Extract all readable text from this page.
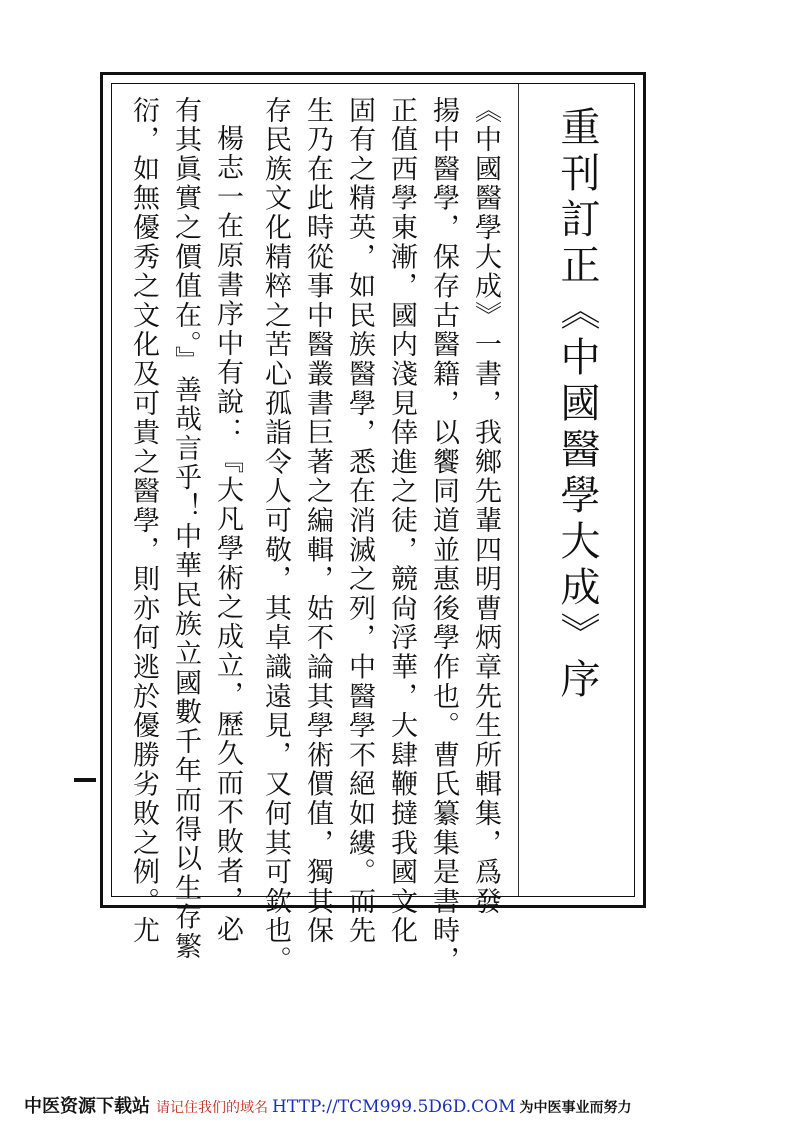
重刊訂正《中國醫學大成》序
《中國醫學大成》一書，我鄉先輩四明曹炳章先生所輯集，爲發
揚中醫學，保存古醫籍，以饗同道並惠後學作也。曹氏纂集是書時，
正值西學東漸，國内淺見倖進之徒，競尙浮華，大肆鞭撻我國文化
固有之精英，如民族醫學，悉在消滅之列，中醫學不絕如縷。而先
生乃在此時從事中醫叢書巨著之編輯，姑不論其學術價值，獨其保
存民族文化精粹之苦心孤詣令人可敬，其卓識遠見，又何其可欽也。
楊志一在原書序中有說：『大凡學術之成立，歷久而不敗者，必
有其眞實之價值在。』善哉言乎！中華民族立國數千年而得以生存繁
衍，如無優秀之文化及可貴之醫學，則亦何逃於優勝劣敗之例。尤
中医资源下载站 请记住我们的域名 HTTP://TCM999.5D6D.COM 为中医事业而努力
